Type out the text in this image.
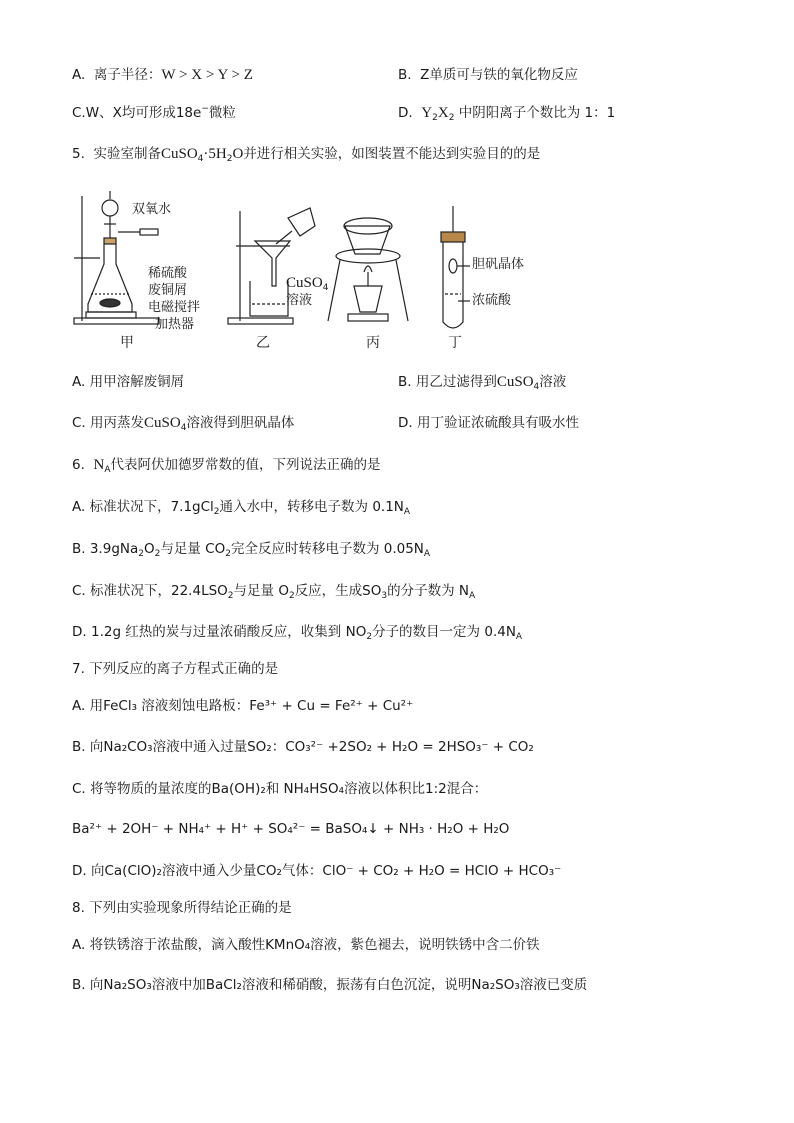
A. 离子半径：W > X > Y > Z	B. Z单质可与铁的氧化物反应
C.W、X均可形成18e−微粒	D. $Y_2X_2$ 中阴阳离子个数比为 1：1
5. 实验室制备$CuSO_4\cdot 5H_2O$并进行相关实验，如图装置不能达到实验目的的是
双氧水
稀硫酸
废铜屑
电磁搅拌
加热器
CuSO$_4$
溶液
胆矾晶体
浓硫酸
甲	乙	丙	丁
A. 用甲溶解废铜屑	B. 用乙过滤得到CuSO$_4$溶液
C. 用丙蒸发CuSO$_4$溶液得到胆矾晶体	D. 用丁验证浓硫酸具有吸水性
6. $N_A$代表阿伏加德罗常数的值，下列说法正确的是
A. 标准状况下，7.1gCl$_2$通入水中，转移电子数为 $0.1N_A$
B. $3.9gNa_2O_2$与足量 $CO_2$完全反应时转移电子数为 $0.05N_A$
C. 标准状况下，$22.4LSO_2$与足量 $O_2$反应，生成$SO_3$的分子数为 $N_A$
D. 1.2g 红热的炭与过量浓硝酸反应，收集到 $NO_2$分子的数目一定为 $0.4N_A$
7. 下列反应的离子方程式正确的是
A. 用FeCl₃ 溶液刻蚀电路板：Fe³⁺ + Cu = Fe²⁺ + Cu²⁺
B. 向Na₂CO₃溶液中通入过量SO₂：CO₃²⁻ +2SO₂ + H₂O = 2HSO₃⁻ + CO₂
C. 将等物质的量浓度的Ba(OH)₂和 NH₄HSO₄溶液以体积比1:2混合：
Ba²⁺ + 2OH⁻ + NH₄⁺ + H⁺ + SO₄²⁻ = BaSO₄↓ + NH₃ · H₂O + H₂O
D. 向Ca(ClO)₂溶液中通入少量CO₂气体：ClO⁻ + CO₂ + H₂O = HClO + HCO₃⁻
8. 下列由实验现象所得结论正确的是
A. 将铁锈溶于浓盐酸，滴入酸性KMnO₄溶液，紫色褪去，说明铁锈中含二价铁
B. 向Na₂SO₃溶液中加BaCl₂溶液和稀硝酸，振荡有白色沉淀，说明Na₂SO₃溶液已变质
